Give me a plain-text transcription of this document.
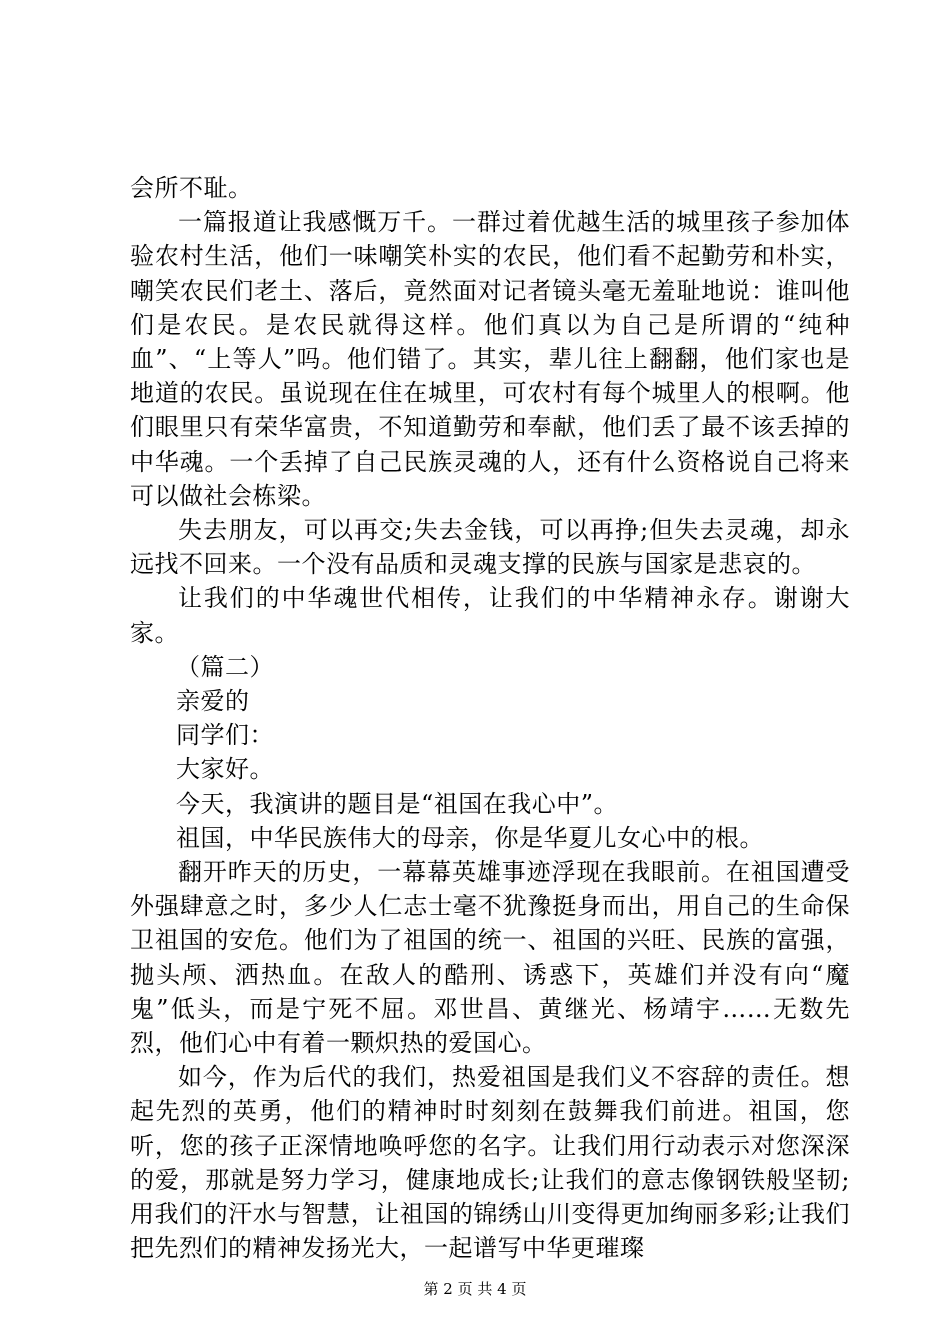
会所不耻。

一篇报道让我感慨万千。一群过着优越生活的城里孩子参加体验农村生活，他们一味嘲笑朴实的农民，他们看不起勤劳和朴实，嘲笑农民们老土、落后，竟然面对记者镜头毫无羞耻地说：谁叫他们是农民。是农民就得这样。他们真以为自己是所谓的“纯种血”、“上等人”吗。他们错了。其实，辈儿往上翻翻，他们家也是地道的农民。虽说现在住在城里，可农村有每个城里人的根啊。他们眼里只有荣华富贵，不知道勤劳和奉献，他们丢了最不该丢掉的中华魂。一个丢掉了自己民族灵魂的人，还有什么资格说自己将来可以做社会栋梁。

失去朋友，可以再交;失去金钱，可以再挣;但失去灵魂，却永远找不回来。一个没有品质和灵魂支撑的民族与国家是悲哀的。

让我们的中华魂世代相传，让我们的中华精神永存。谢谢大家。

（篇二）

亲爱的

同学们：

大家好。

今天，我演讲的题目是“祖国在我心中”。

祖国，中华民族伟大的母亲，你是华夏儿女心中的根。

翻开昨天的历史，一幕幕英雄事迹浮现在我眼前。在祖国遭受外强肆意之时，多少人仁志士毫不犹豫挺身而出，用自己的生命保卫祖国的安危。他们为了祖国的统一、祖国的兴旺、民族的富强，抛头颅、洒热血。在敌人的酷刑、诱惑下，英雄们并没有向“魔鬼”低头，而是宁死不屈。邓世昌、黄继光、杨靖宇……无数先烈，他们心中有着一颗炽热的爱国心。

如今，作为后代的我们，热爱祖国是我们义不容辞的责任。想起先烈的英勇，他们的精神时时刻刻在鼓舞我们前进。祖国，您听，您的孩子正深情地唤呼您的名字。让我们用行动表示对您深深的爱，那就是努力学习，健康地成长;让我们的意志像钢铁般坚韧;用我们的汗水与智慧，让祖国的锦绣山川变得更加绚丽多彩;让我们把先烈们的精神发扬光大，一起谱写中华更璀璨

第 2 页 共 4 页
